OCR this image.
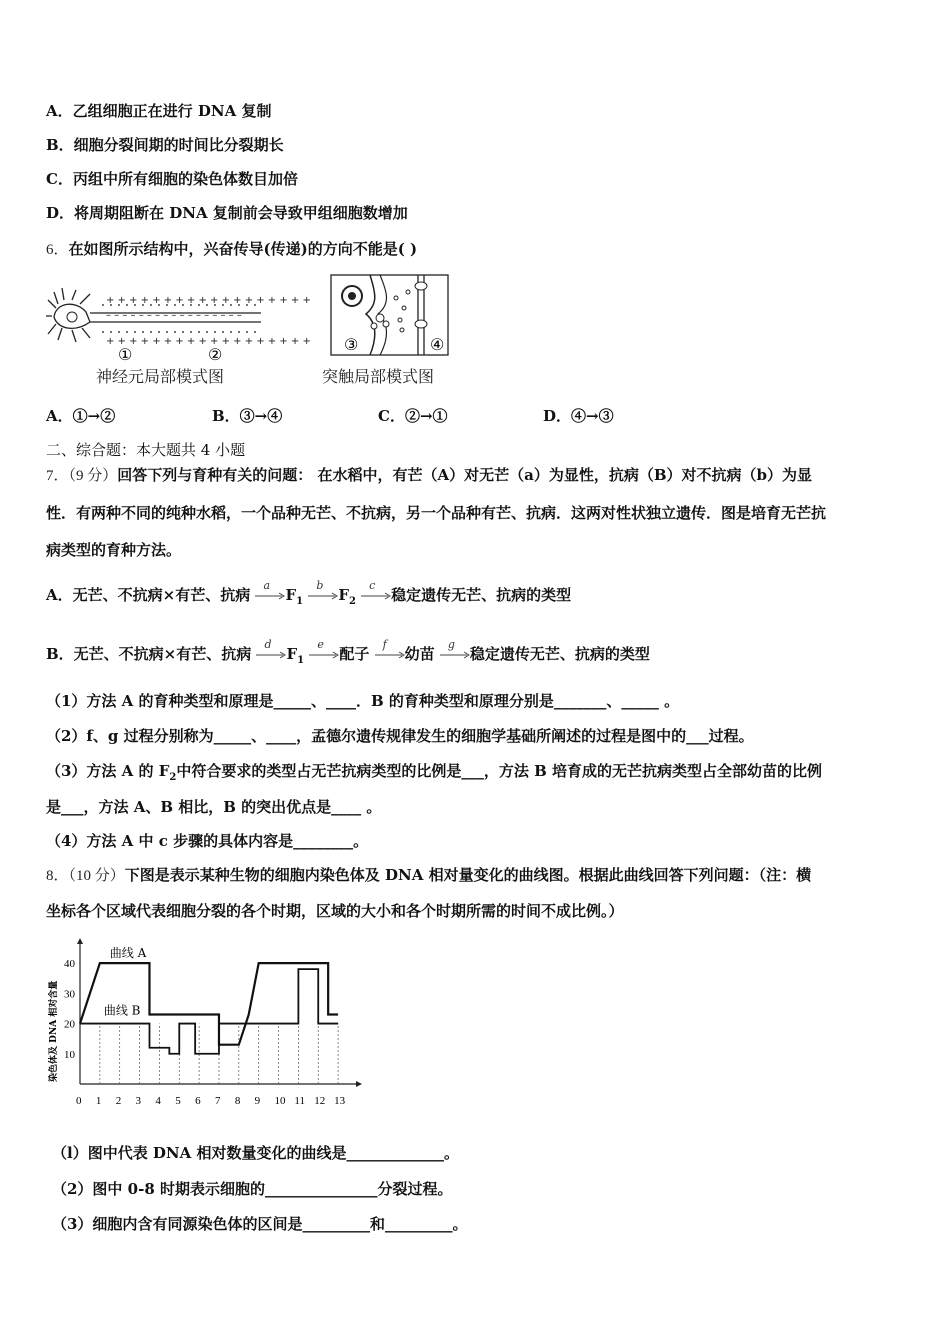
A．乙组细胞正在进行 DNA 复制
B．细胞分裂间期的时间比分裂期长
C．丙组中所有细胞的染色体数目加倍
D．将周期阻断在 DNA 复制前会导致甲组细胞数增加
6．在如图所示结构中，兴奋传导(传递)的方向不能是( )
+ + + + + + + + + + + + + + + + + +
+ + + + + + + + + + + + + + + + + +
– – – – – – – – – – – – – – – – –
①	②
神经元局部模式图
③	④
突触局部模式图
A．①→②	B．③→④	C．②→①	D．④→③
二、综合题：本大题共 4 小题
7．（9 分）回答下列与育种有关的问题： 在水稻中，有芒（A）对无芒（a）为显性，抗病（B）对不抗病（b）为显
性．有两种不同的纯种水稻，一个品种无芒、不抗病，另一个品种有芒、抗病．这两对性状独立遗传．图是培育无芒抗
病类型的育种方法。
A．无芒、不抗病×有芒、抗病
a
$F_1$
b
$F_2$
c
稳定遗传无芒、抗病的类型
B．无芒、不抗病×有芒、抗病
d
$F_1$
e
配子
f
幼苗
g
稳定遗传无芒、抗病的类型
（1）方法 A 的育种类型和原理是_____、____．B 的育种类型和原理分别是_______、_____ 。
（2）f、g 过程分别称为_____、____，孟德尔遗传规律发生的细胞学基础所阐述的过程是图中的___过程。
（3）方法 A 的 $F_2$中符合要求的类型占无芒抗病类型的比例是___，方法 B 培育成的无芒抗病类型占全部幼苗的比例
是___，方法 A、B 相比，B 的突出优点是____ 。
（4）方法 A 中 c 步骤的具体内容是________。
8．（10 分）下图是表示某种生物的细胞内染色体及 DNA 相对量变化的曲线图。根据此曲线回答下列问题：（注：横
坐标各个区域代表细胞分裂的各个时期，区域的大小和各个时期所需的时间不成比例。）
10
20
30
40
0 1 2 3 4 5 6 7 8 9 10 11 12 13
染色体及 DNA 相对含量
曲线 A
曲线 B
（l）图中代表 DNA 相对数量变化的曲线是_____________。
（2）图中 0-8 时期表示细胞的_______________分裂过程。
（3）细胞内含有同源染色体的区间是_________和_________。
